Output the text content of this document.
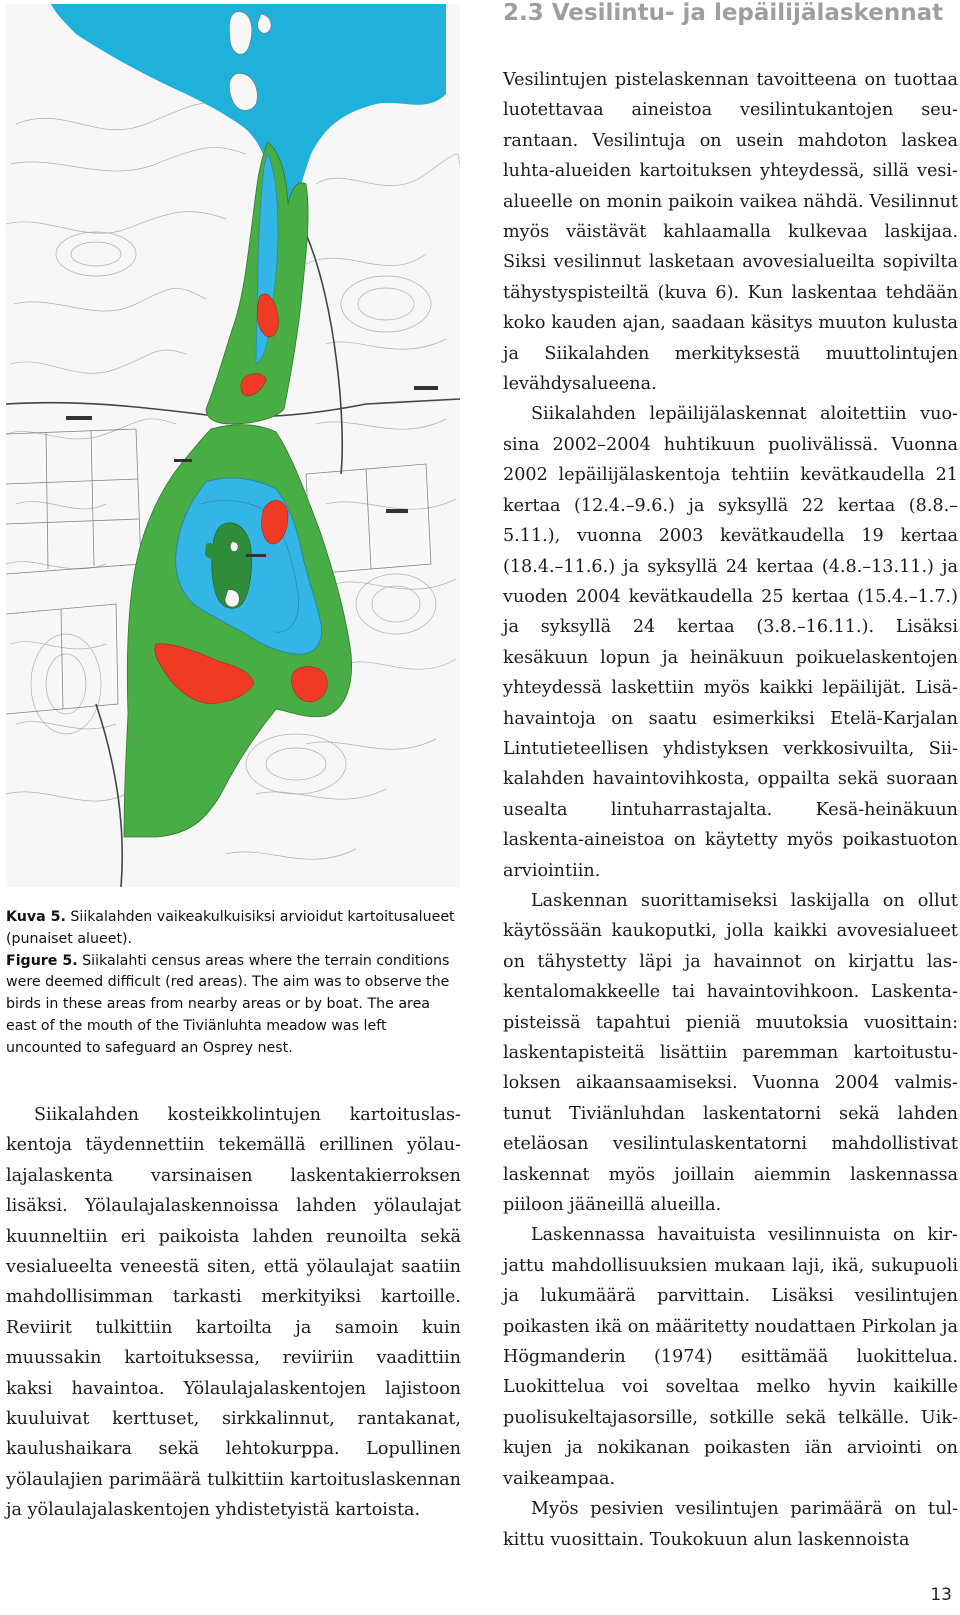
Kuva 5. Siikalahden vaikeakulkuisiksi arvioidut kartoitusalueet (punaiset alueet).

Figure 5. Siikalahti census areas where the terrain conditions were deemed difficult (red areas). The aim was to observe the birds in these areas from nearby areas or by boat. The area east of the mouth of the Tiviänluhta meadow was left uncounted to safeguard an Osprey nest.

Siikalahden kosteikkolintujen kartoituslaskentoja täydennettiin tekemällä erillinen yölaulajalaskenta varsinaisen laskentakierroksen lisäksi. Yölaulajalaskennoissa lahden yölaulajat kuunneltiin eri paikoista lahden reunoilta sekä vesialueelta veneestä siten, että yölaulajat saatiin mahdollisimman tarkasti merkityiksi kartoille. Reviirit tulkittiin kartoilta ja samoin kuin muussakin kartoituksessa, reviiriin vaadittiin kaksi havaintoa. Yölaulajalaskentojen lajistoon kuuluivat kerttuset, sirkkalinnut, rantakanat, kaulushaikara sekä lehtokurppa. Lopullinen yölaulajien parimäärä tulkittiin kartoituslaskennan ja yölaulajalaskentojen yhdistetyistä kartoista.

2.3 Vesilintu- ja lepäilijälaskennat

Vesilintujen pistelaskennan tavoitteena on tuottaa luotettavaa aineistoa vesilintukantojen seurantaan. Vesilintuja on usein mahdoton laskea luhta-alueiden kartoituksen yhteydessä, sillä vesialueelle on monin paikoin vaikea nähdä. Vesilinnut myös väistävät kahlaamalla kulkevaa laskijaa. Siksi vesilinnut lasketaan avovesialueilta sopivilta tähystyspisteiltä (kuva 6). Kun laskentaa tehdään koko kauden ajan, saadaan käsitys muuton kulusta ja Siikalahden merkityksestä muuttolintujen levähdysalueena.

Siikalahden lepäilijälaskennat aloitettiin vuosina 2002–2004 huhtikuun puolivälissä. Vuonna 2002 lepäilijälaskentoja tehtiin kevätkaudella 21 kertaa (12.4.–9.6.) ja syksyllä 22 kertaa (8.8.–5.11.), vuonna 2003 kevätkaudella 19 kertaa (18.4.–11.6.) ja syksyllä 24 kertaa (4.8.–13.11.) ja vuoden 2004 kevätkaudella 25 kertaa (15.4.–1.7.) ja syksyllä 24 kertaa (3.8.–16.11.). Lisäksi kesäkuun lopun ja heinäkuun poikuelaskentojen yhteydessä laskettiin myös kaikki lepäilijät. Lisähavaintoja on saatu esimerkiksi Etelä-Karjalan Lintutieteellisen yhdistyksen verkkosivuilta, Siikalahden havaintovihkosta, oppailta sekä suoraan usealta lintuharrastajalta. Kesä-heinäkuun laskenta-aineistoa on käytetty myös poikastuoton arviointiin.

Laskennan suorittamiseksi laskijalla on ollut käytössään kaukoputki, jolla kaikki avovesialueet on tähystetty läpi ja havainnot on kirjattu laskentalomakkeelle tai havaintovihkoon. Laskentapisteissä tapahtui pieniä muutoksia vuosittain: laskentapisteitä lisättiin paremman kartoitustuloksen aikaansaamiseksi. Vuonna 2004 valmistunut Tiviänluhdan laskentatorni sekä lahden eteläosan vesilintulaskentatorni mahdollistivat laskennat myös joillain aiemmin laskennassa piiloon jääneillä alueilla.

Laskennassa havaituista vesilinnuista on kirjattu mahdollisuuksien mukaan laji, ikä, sukupuoli ja lukumäärä parvittain. Lisäksi vesilintujen poikasten ikä on määritetty noudattaen Pirkolan ja Högmanderin (1974) esittämää luokittelua. Luokittelua voi soveltaa melko hyvin kaikille puolisukeltajasorsille, sotkille sekä telkälle. Uikkujen ja nokikanan poikasten iän arviointi on vaikeampaa.

Myös pesivien vesilintujen parimäärä on tulkittu vuosittain. Toukokuun alun laskennoista

13
